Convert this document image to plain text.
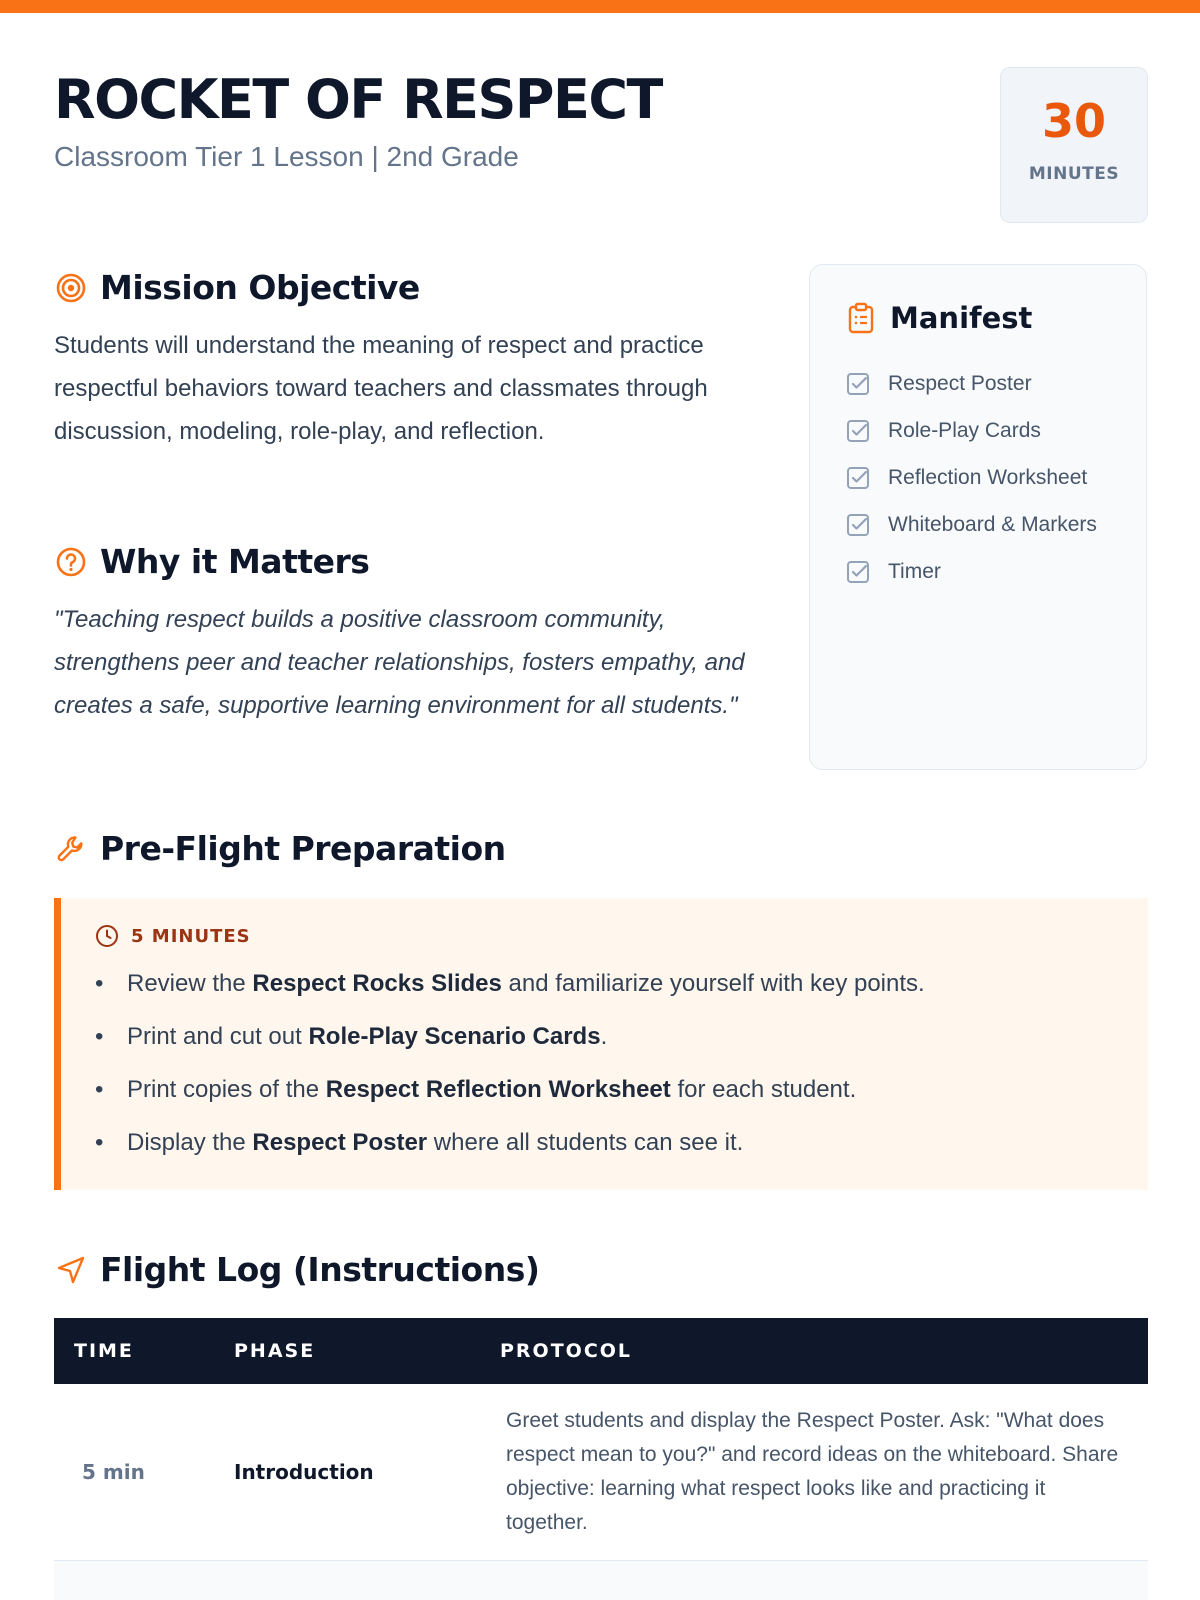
ROCKET OF RESPECT
Classroom Tier 1 Lesson | 2nd Grade
30
MINUTES
Mission Objective
Students will understand the meaning of respect and practice respectful behaviors toward teachers and classmates through discussion, modeling, role-play, and reflection.
Why it Matters
"Teaching respect builds a positive classroom community, strengthens peer and teacher relationships, fosters empathy, and creates a safe, supportive learning environment for all students."
Manifest
Respect Poster
Role-Play Cards
Reflection Worksheet
Whiteboard & Markers
Timer
Pre-Flight Preparation
5 MINUTES
• Review the Respect Rocks Slides and familiarize yourself with key points.
• Print and cut out Role-Play Scenario Cards.
• Print copies of the Respect Reflection Worksheet for each student.
• Display the Respect Poster where all students can see it.
Flight Log (Instructions)
TIME	PHASE	PROTOCOL
5 min	Introduction	Greet students and display the Respect Poster. Ask: "What does respect mean to you?" and record ideas on the whiteboard. Share objective: learning what respect looks like and practicing it together.
